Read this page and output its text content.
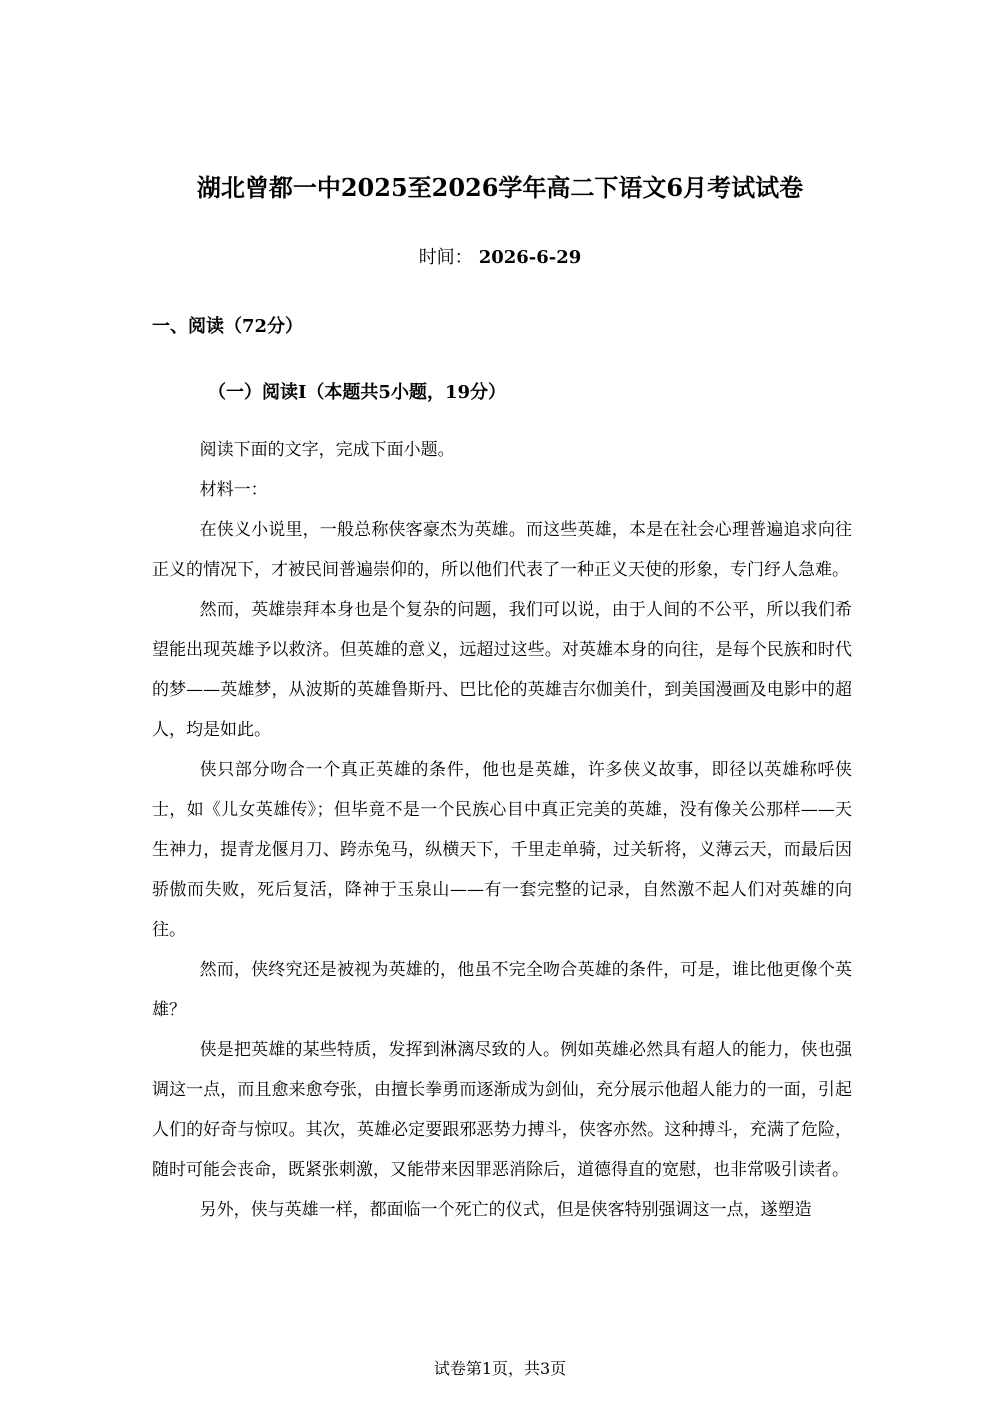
湖北曾都一中2025至2026学年高二下语文6月考试试卷
时间： 2026-6-29
一、阅读（72分）
（一）阅读I（本题共5小题，19分）

阅读下面的文字，完成下面小题。

材料一：

在侠义小说里，一般总称侠客豪杰为英雄。而这些英雄，本是在社会心理普遍追求向往正义的情况下，才被民间普遍崇仰的，所以他们代表了一种正义天使的形象，专门纾人急难。

然而，英雄崇拜本身也是个复杂的问题，我们可以说，由于人间的不公平，所以我们希望能出现英雄予以救济。但英雄的意义，远超过这些。对英雄本身的向往，是每个民族和时代的梦——英雄梦，从波斯的英雄鲁斯丹、巴比伦的英雄吉尔伽美什，到美国漫画及电影中的超人，均是如此。

侠只部分吻合一个真正英雄的条件，他也是英雄，许多侠义故事，即径以英雄称呼侠士，如《儿女英雄传》；但毕竟不是一个民族心目中真正完美的英雄，没有像关公那样——天生神力，提青龙偃月刀、跨赤兔马，纵横天下，千里走单骑，过关斩将，义薄云天，而最后因骄傲而失败，死后复活，降神于玉泉山——有一套完整的记录，自然激不起人们对英雄的向往。

然而，侠终究还是被视为英雄的，他虽不完全吻合英雄的条件，可是，谁比他更像个英雄？

侠是把英雄的某些特质，发挥到淋漓尽致的人。例如英雄必然具有超人的能力，侠也强调这一点，而且愈来愈夸张，由擅长拳勇而逐渐成为剑仙，充分展示他超人能力的一面，引起人们的好奇与惊叹。其次，英雄必定要跟邪恶势力搏斗，侠客亦然。这种搏斗，充满了危险，随时可能会丧命，既紧张刺激，又能带来因罪恶消除后，道德得直的宽慰，也非常吸引读者。

另外，侠与英雄一样，都面临一个死亡的仪式，但是侠客特别强调这一点，遂塑造

试卷第1页，共3页
